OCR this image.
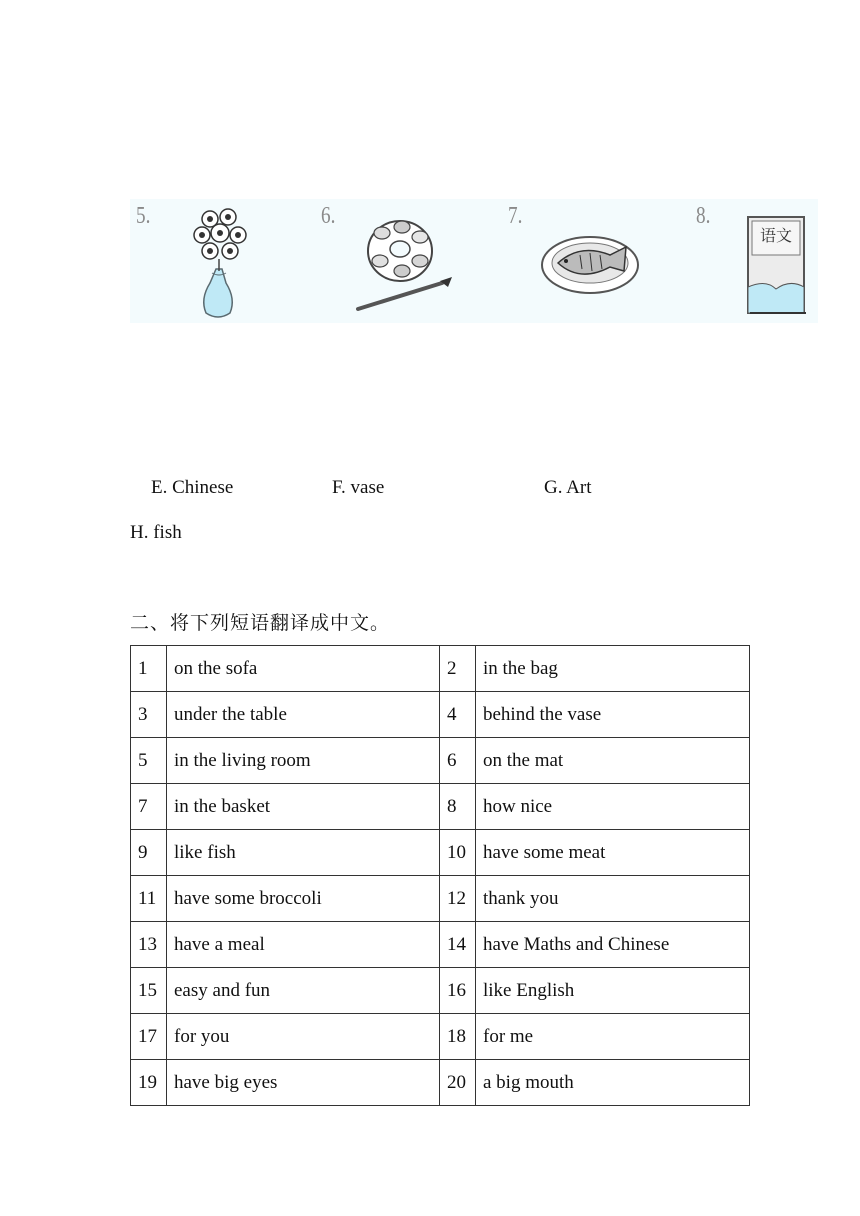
5.	6.	7.	8.
语文
E. Chinese	F. vase	G. Art
H. fish
二、将下列短语翻译成中文。
1	on the sofa	2	in the bag
3	under the table	4	behind the vase
5	in the living room	6	on the mat
7	in the basket	8	how nice
9	like fish	10	have some meat
11	have some broccoli	12	thank you
13	have a meal	14	have Maths and Chinese
15	easy and fun	16	like English
17	for you	18	for me
19	have big eyes	20	a big mouth
